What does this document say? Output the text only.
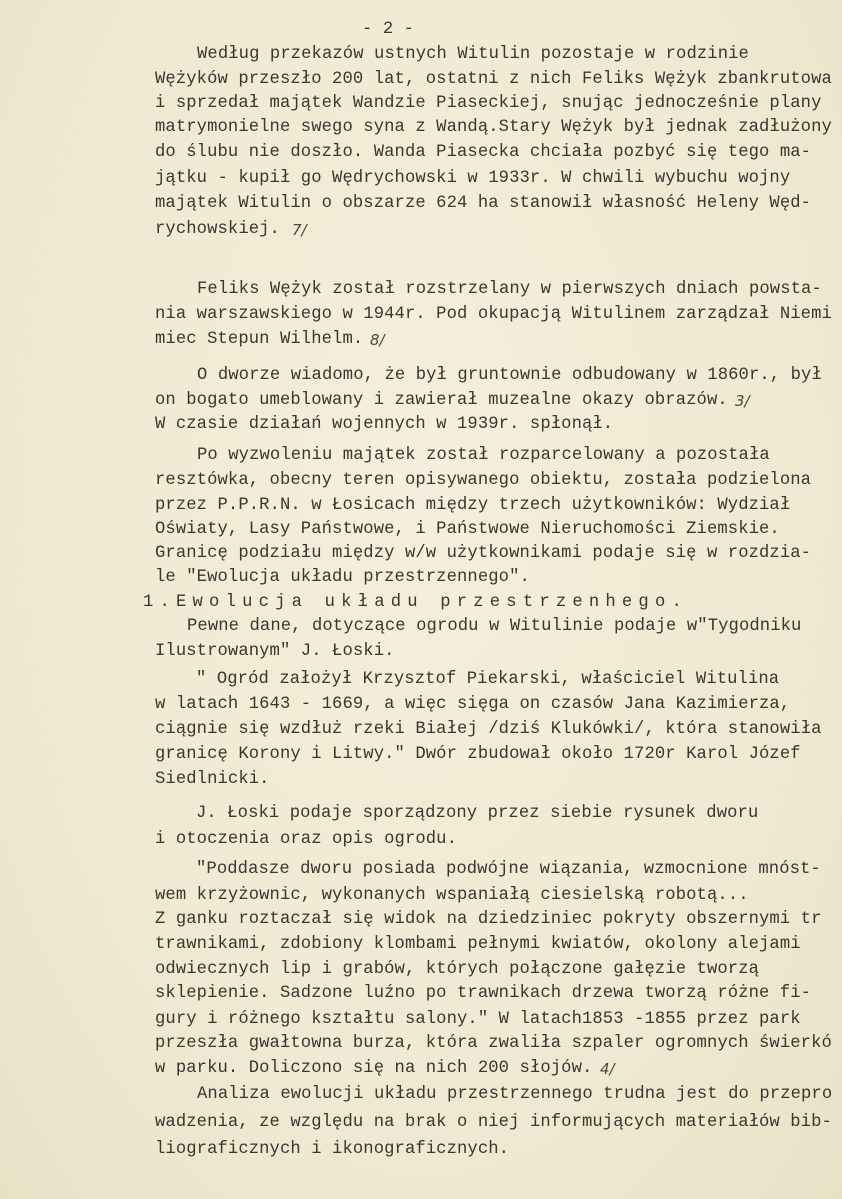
- 2 -
Według przekazów ustnych Witulin pozostaje w rodzinie
Wężyków przeszło 200 lat, ostatni z nich Feliks Wężyk zbankrutowa
i sprzedał majątek Wandzie Piaseckiej, snując jednocześnie plany
matrymonielne swego syna z Wandą.Stary Wężyk był jednak zadłużony
do ślubu nie doszło. Wanda Piasecka chciała pozbyć się tego ma-
jątku - kupił go Wędrychowski w 1933r. W chwili wybuchu wojny
majątek Witulin o obszarze 624 ha stanowił własność Heleny Węd-
rychowskiej. 7/
Feliks Wężyk został rozstrzelany w pierwszych dniach powsta-
nia warszawskiego w 1944r. Pod okupacją Witulinem zarządzał Niemi
miec Stepun Wilhelm. 8/
O dworze wiadomo, że był gruntownie odbudowany w 1860r., był
on bogato umeblowany i zawierał muzealne okazy obrazów. 3/
W czasie działań wojennych w 1939r. spłonął.
Po wyzwoleniu majątek został rozparcelowany a pozostała
resztówka, obecny teren opisywanego obiektu, została podzielona
przez P.P.R.N. w Łosicach między trzech użytkowników: Wydział
Oświaty, Lasy Państwowe, i Państwowe Nieruchomości Ziemskie.
Granicę podziału między w/w użytkownikami podaje się w rozdzia-
le "Ewolucja układu przestrzennego".
1.Ewolucja układu przestrzenhego.
Pewne dane, dotyczące ogrodu w Witulinie podaje w"Tygodniku
Ilustrowanym" J. Łoski.
" Ogród założył Krzysztof Piekarski, właściciel Witulina
w latach 1643 - 1669, a więc sięga on czasów Jana Kazimierza,
ciągnie się wzdłuż rzeki Białej /dziś Klukówki/, która stanowiła
granicę Korony i Litwy." Dwór zbudował około 1720r Karol Józef
Siedlnicki.
J. Łoski podaje sporządzony przez siebie rysunek dworu
i otoczenia oraz opis ogrodu.
"Poddasze dworu posiada podwójne wiązania, wzmocnione mnóst-
wem krzyżownic, wykonanych wspaniałą ciesielską robotą...
Z ganku roztaczał się widok na dziedziniec pokryty obszernymi tr
trawnikami, zdobiony klombami pełnymi kwiatów, okolony alejami
odwiecznych lip i grabów, których połączone gałęzie tworzą
sklepienie. Sadzone luźno po trawnikach drzewa tworzą różne fi-
gury i różnego kształtu salony." W latach1853 -1855 przez park
przeszła gwałtowna burza, która zwaliła szpaler ogromnych świerkó
w parku. Doliczono się na nich 200 słojów. 4/
Analiza ewolucji układu przestrzennego trudna jest do przepro
wadzenia, ze względu na brak o niej informujących materiałów bib-
liograficznych i ikonograficznych.
